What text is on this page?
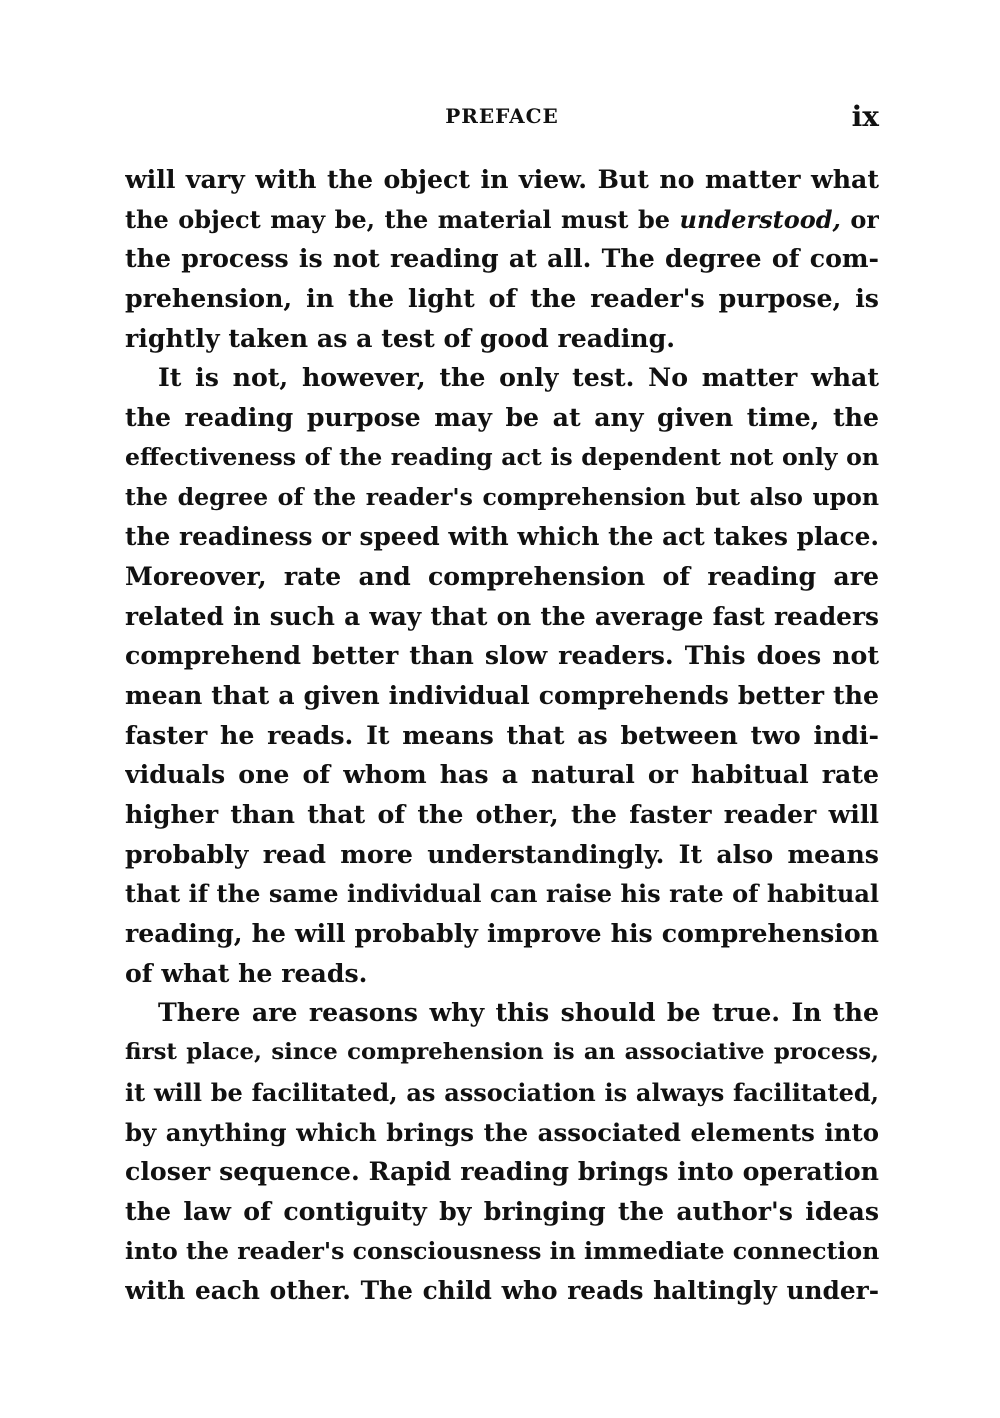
PREFACE	ix
will vary with the object in view. But no matter what
the object may be, the material must be understood, or
the process is not reading at all. The degree of com-
prehension, in the light of the reader's purpose, is
rightly taken as a test of good reading.
It is not, however, the only test. No matter what
the reading purpose may be at any given time, the
effectiveness of the reading act is dependent not only on
the degree of the reader's comprehension but also upon
the readiness or speed with which the act takes place.
Moreover, rate and comprehension of reading are
related in such a way that on the average fast readers
comprehend better than slow readers. This does not
mean that a given individual comprehends better the
faster he reads. It means that as between two indi-
viduals one of whom has a natural or habitual rate
higher than that of the other, the faster reader will
probably read more understandingly. It also means
that if the same individual can raise his rate of habitual
reading, he will probably improve his comprehension
of what he reads.
There are reasons why this should be true. In the
first place, since comprehension is an associative process,
it will be facilitated, as association is always facilitated,
by anything which brings the associated elements into
closer sequence. Rapid reading brings into operation
the law of contiguity by bringing the author's ideas
into the reader's consciousness in immediate connection
with each other. The child who reads haltingly under-
